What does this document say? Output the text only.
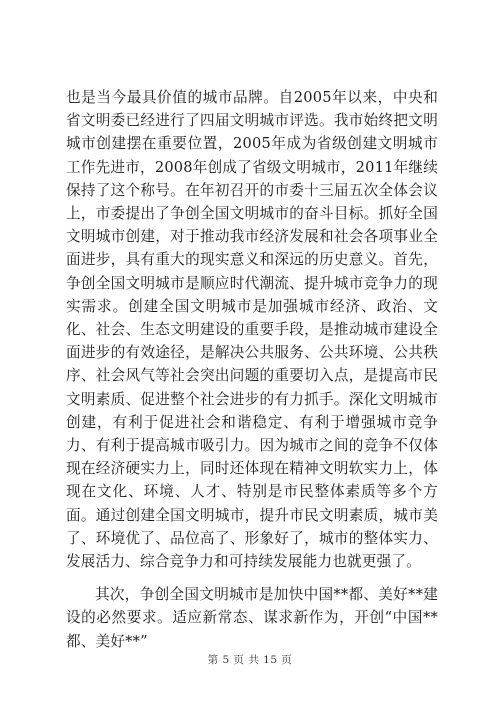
也是当今最具价值的城市品牌。自2005年以来，中央和省文明委已经进行了四届文明城市评选。我市始终把文明城市创建摆在重要位置，2005年成为省级创建文明城市工作先进市，2008年创成了省级文明城市，2011年继续保持了这个称号。在年初召开的市委十三届五次全体会议上，市委提出了争创全国文明城市的奋斗目标。抓好全国文明城市创建，对于推动我市经济发展和社会各项事业全面进步，具有重大的现实意义和深远的历史意义。首先，争创全国文明城市是顺应时代潮流、提升城市竞争力的现实需求。创建全国文明城市是加强城市经济、政治、文化、社会、生态文明建设的重要手段，是推动城市建设全面进步的有效途径，是解决公共服务、公共环境、公共秩序、社会风气等社会突出问题的重要切入点，是提高市民文明素质、促进整个社会进步的有力抓手。深化文明城市创建，有利于促进社会和谐稳定、有利于增强城市竞争力、有利于提高城市吸引力。因为城市之间的竞争不仅体现在经济硬实力上，同时还体现在精神文明软实力上，体现在文化、环境、人才、特别是市民整体素质等多个方面。通过创建全国文明城市，提升市民文明素质，城市美了、环境优了、品位高了、形象好了，城市的整体实力、发展活力、综合竞争力和可持续发展能力也就更强了。

其次，争创全国文明城市是加快中国**都、美好**建设的必然要求。适应新常态、谋求新作为，开创“中国**都、美好**”

第 5 页 共 15 页
